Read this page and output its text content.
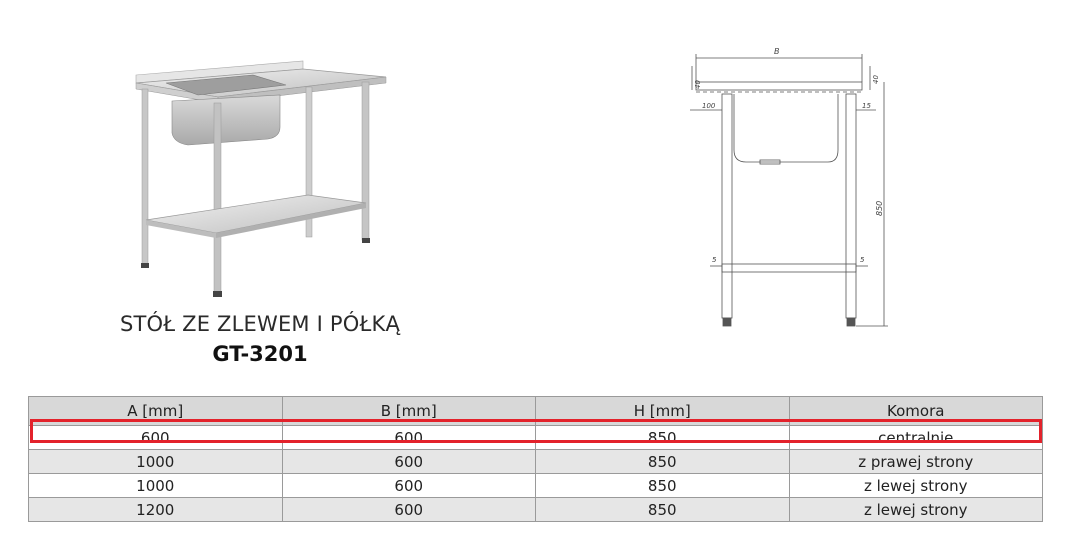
STÓŁ ZE ZLEWEM I PÓŁKĄ
GT-3201
B
40
40
100	15
850
5	5
A [mm]	B [mm]	H [mm]	Komora
600	600	850	centralnie
1000	600	850	z prawej strony
1000	600	850	z lewej strony
1200	600	850	z lewej strony
